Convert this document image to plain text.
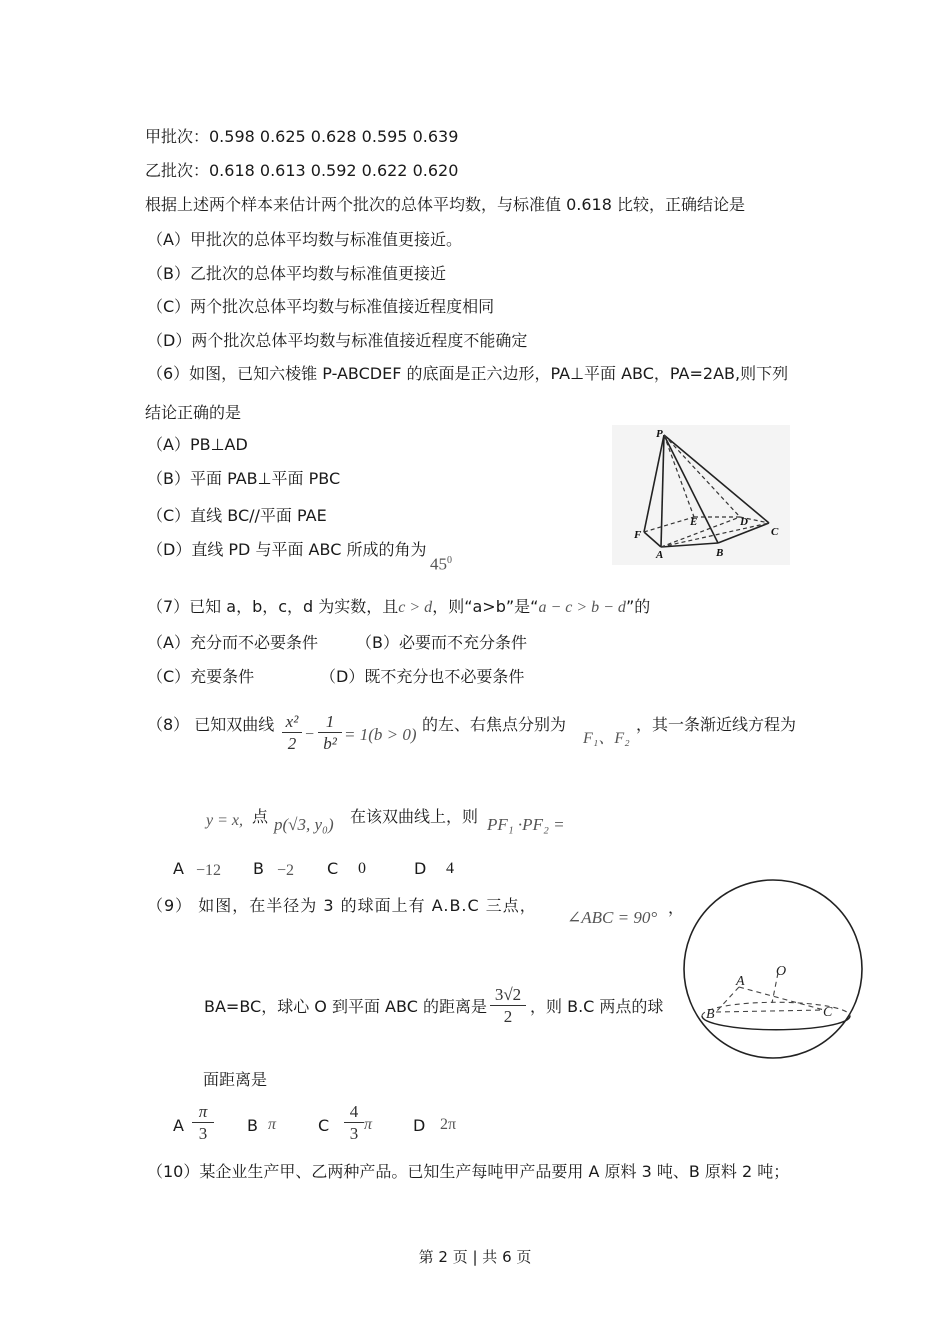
甲批次：0.598 0.625 0.628 0.595 0.639
乙批次：0.618 0.613 0.592 0.622 0.620
根据上述两个样本来估计两个批次的总体平均数，与标准值 0.618 比较，正确结论是
（A）甲批次的总体平均数与标准值更接近。
（B）乙批次的总体平均数与标准值更接近
（C）两个批次总体平均数与标准值接近程度相同
（D）两个批次总体平均数与标准值接近程度不能确定
（6）如图，已知六棱锥 P-ABCDEF 的底面是正六边形，PA⊥平面 ABC，PA=2AB,则下列
结论正确的是
（A）PB⊥AD
（B）平面 PAB⊥平面 PBC
（C）直线 BC//平面 PAE
（D）直线 PD 与平面 ABC 所成的角为
$45^0$
P
F
A	B
C
D
E
（7）已知 a，b，c，d 为实数，且c > d，则“a>b”是“a − c > b − d”的
（A）充分而不必要条件 （B）必要而不充分条件
（C）充要条件	（D）既不充分也不必要条件
（8） 已知双曲线 $\frac{\text{x²}}{2} - \frac{1}{\text{b²}} = 1(b > 0)$
的左、右焦点分别为
F₁、F₂
，其一条渐近线方程为
y = x, 点 p(√3, y₀) 在该双曲线上，则 PF₁ ·PF₂ =
A −12 B −2 C 0	D 4
（9） 如图，在半径为 3 的球面上有 A.B.C 三点，
∠ABC = 90°
，
BA=BC，球心 O 到平面 ABC 的距离是 $\frac{3√2}{2}$ ，则 B.C 两点的球
面距离是
A $\frac{\pi}{3}$ B π	C $\frac{4}{3}$ π	D 2π
O
A
B	C
（10）某企业生产甲、乙两种产品。已知生产每吨甲产品要用 A 原料 3 吨、B 原料 2 吨；
第 2 页 | 共 6 页
